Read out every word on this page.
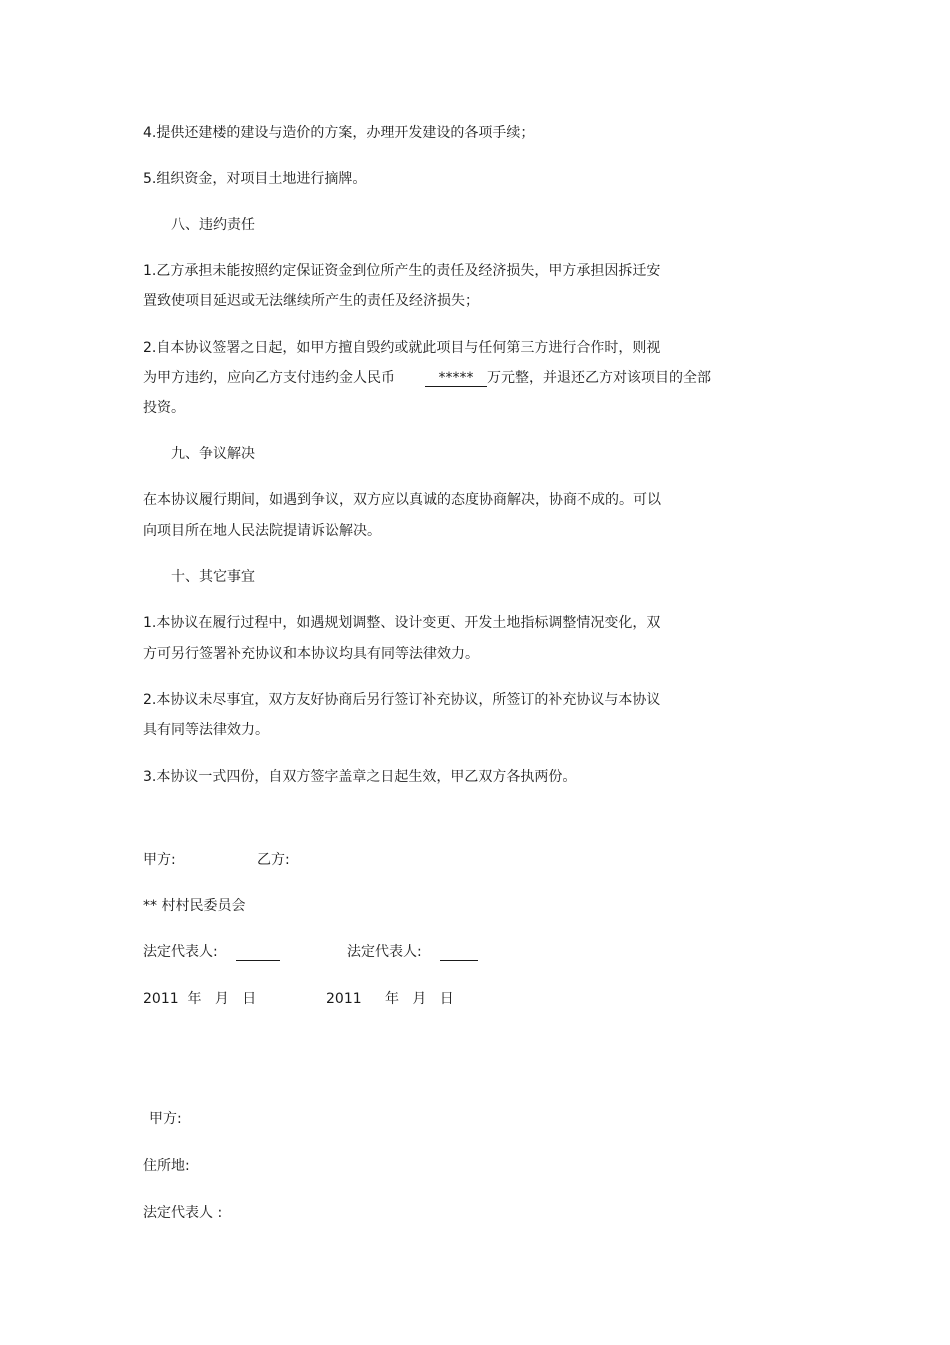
4.提供还建楼的建设与造价的方案，办理开发建设的各项手续；
5.组织资金，对项目土地进行摘牌。
八、违约责任
1.乙方承担未能按照约定保证资金到位所产生的责任及经济损失，甲方承担因拆迁安
置致使项目延迟或无法继续所产生的责任及经济损失；
2.自本协议签署之日起，如甲方擅自毁约或就此项目与任何第三方进行合作时，则视
为甲方违约，应向乙方支付违约金人民币	***** 万元整，并退还乙方对该项目的全部
投资。
九、争议解决
在本协议履行期间，如遇到争议，双方应以真诚的态度协商解决，协商不成的。可以
向项目所在地人民法院提请诉讼解决。
十、其它事宜
1.本协议在履行过程中，如遇规划调整、设计变更、开发土地指标调整情况变化，双
方可另行签署补充协议和本协议均具有同等法律效力。
2.本协议未尽事宜，双方友好协商后另行签订补充协议，所签订的补充协议与本协议
具有同等法律效力。
3.本协议一式四份，自双方签字盖章之日起生效，甲乙双方各执两份。
甲方:	乙方:
** 村村民委员会
法定代表人:	法定代表人:
2011  年   月   日	2011 年   月   日
甲方:
住所地:
法定代表人 :
